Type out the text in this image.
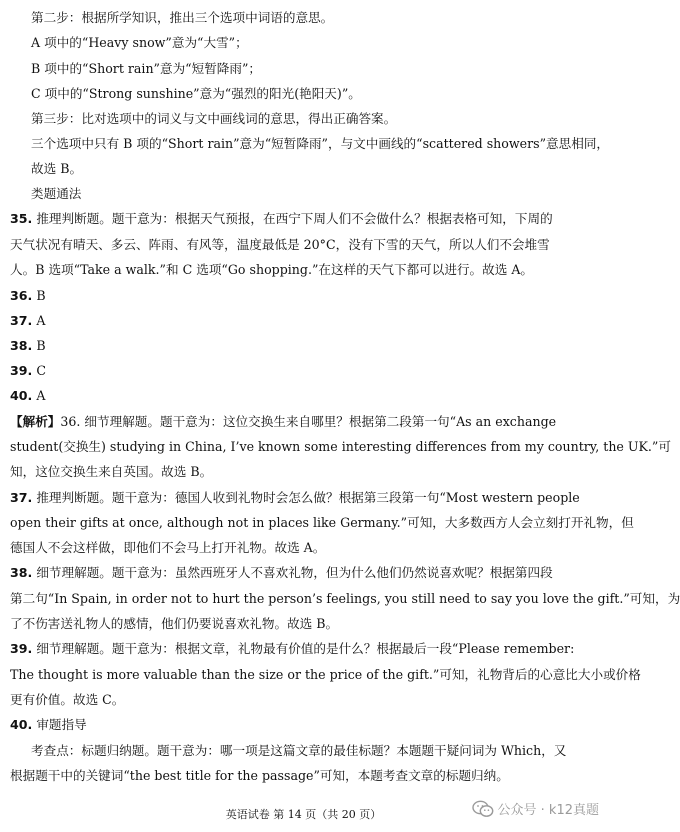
第二步：根据所学知识，推出三个选项中词语的意思。
A 项中的“Heavy snow”意为“大雪”；
B 项中的“Short rain”意为“短暂降雨”；
C 项中的“Strong sunshine”意为“强烈的阳光(艳阳天)”。
第三步：比对选项中的词义与文中画线词的意思，得出正确答案。
三个选项中只有 B 项的“Short rain”意为“短暂降雨”，与文中画线的“scattered showers”意思相同，
故选 B。
类题通法
35. 推理判断题。题干意为：根据天气预报，在西宁下周人们不会做什么？根据表格可知，下周的
天气状况有晴天、多云、阵雨、有风等，温度最低是 20°C，没有下雪的天气，所以人们不会堆雪
人。B 选项“Take a walk.”和 C 选项“Go shopping.”在这样的天气下都可以进行。故选 A。
36. B
37. A
38. B
39. C
40. A
【解析】36. 细节理解题。题干意为：这位交换生来自哪里？根据第二段第一句“As an exchange
student(交换生) studying in China, I’ve known some interesting differences from my country, the UK.”可
知，这位交换生来自英国。故选 B。
37. 推理判断题。题干意为：德国人收到礼物时会怎么做？根据第三段第一句“Most western people
open their gifts at once, although not in places like Germany.”可知，大多数西方人会立刻打开礼物，但
德国人不会这样做，即他们不会马上打开礼物。故选 A。
38. 细节理解题。题干意为：虽然西班牙人不喜欢礼物，但为什么他们仍然说喜欢呢？根据第四段
第二句“In Spain, in order not to hurt the person’s feelings, you still need to say you love the gift.”可知，为
了不伤害送礼物人的感情，他们仍要说喜欢礼物。故选 B。
39. 细节理解题。题干意为：根据文章，礼物最有价值的是什么？根据最后一段“Please remember:
The thought is more valuable than the size or the price of the gift.”可知，礼物背后的心意比大小或价格
更有价值。故选 C。
40. 审题指导
考查点：标题归纳题。题干意为：哪一项是这篇文章的最佳标题？本题题干疑问词为 Which，又
根据题干中的关键词“the best title for the passage”可知，本题考查文章的标题归纳。
英语试卷 第 14 页（共 20 页）	公众号 · k12真题
